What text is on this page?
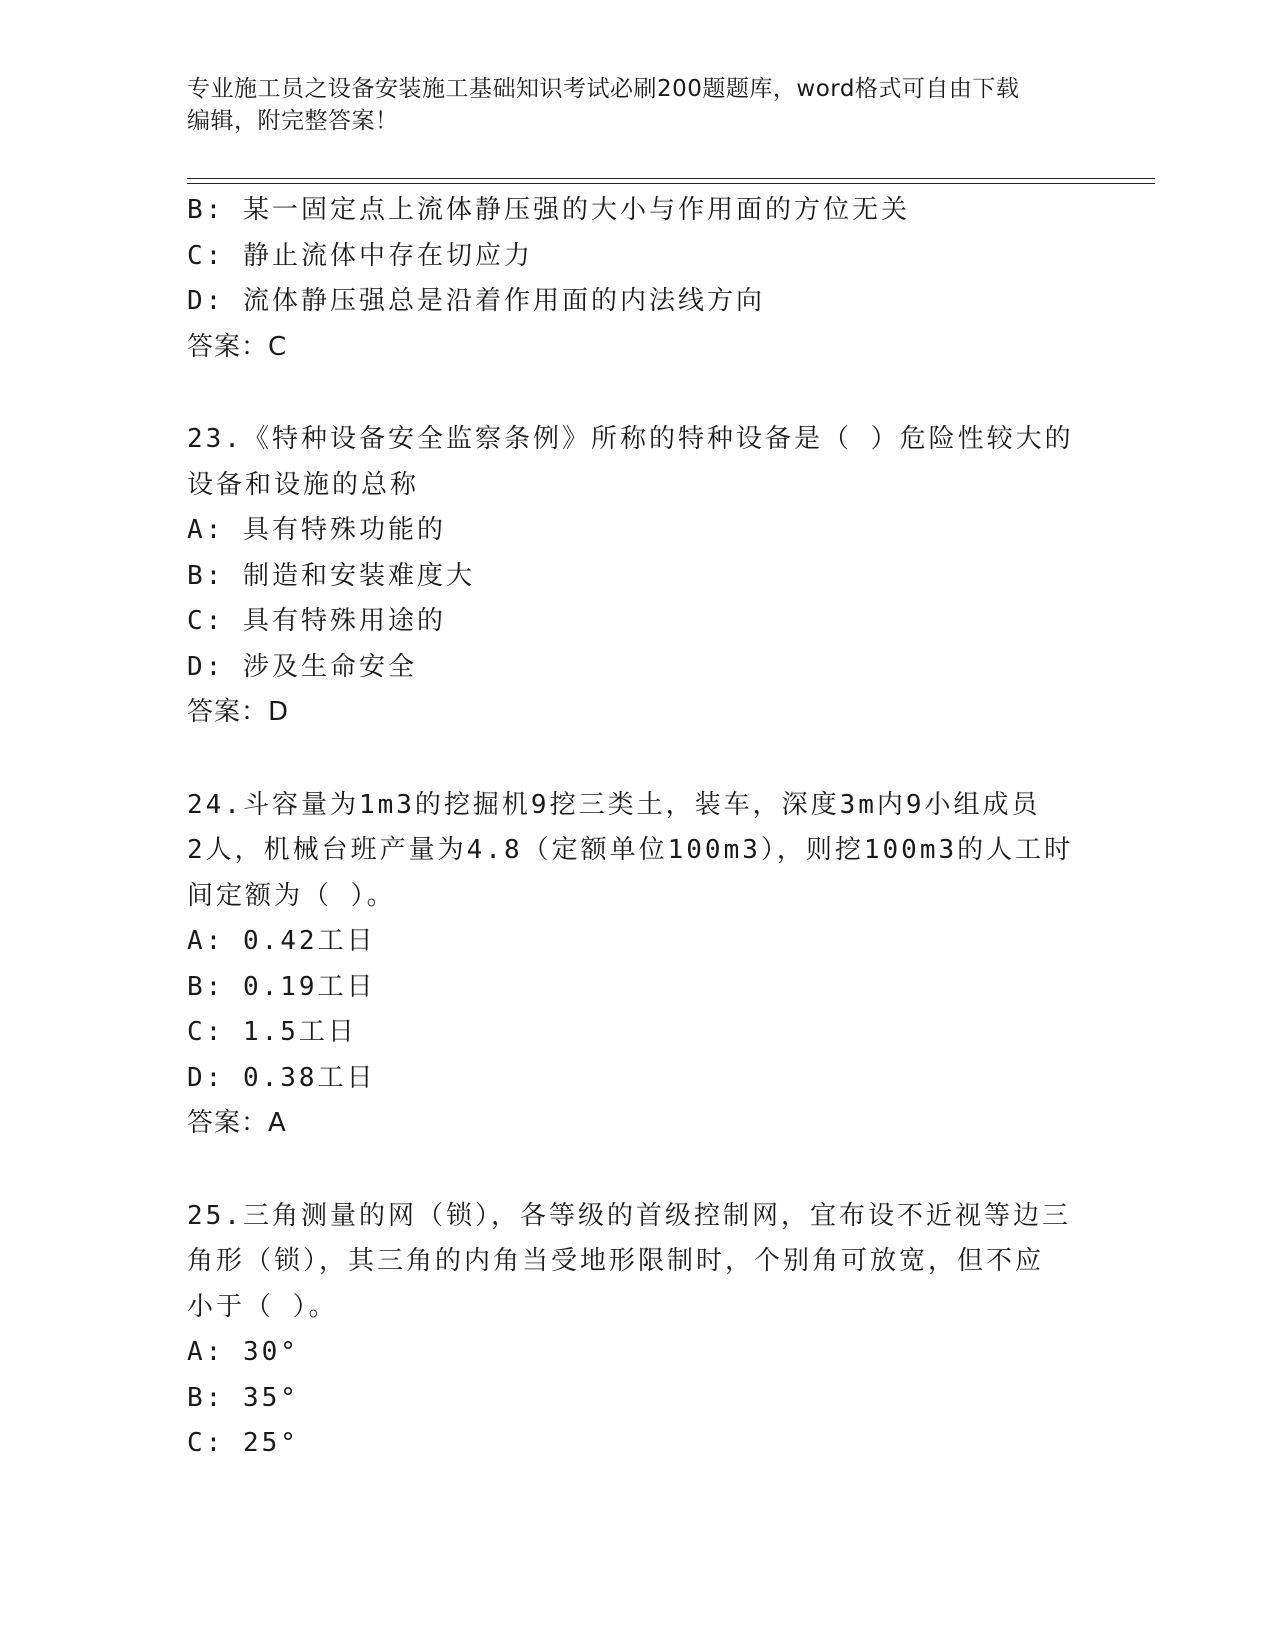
专业施工员之设备安装施工基础知识考试必刷200题题库，word格式可自由下载
编辑，附完整答案！
B: 某一固定点上流体静压强的大小与作用面的方位无关
C: 静止流体中存在切应力
D: 流体静压强总是沿着作用面的内法线方向
答案：C
23.《特种设备安全监察条例》所称的特种设备是（ ）危险性较大的
设备和设施的总称
A: 具有特殊功能的
B: 制造和安装难度大
C: 具有特殊用途的
D: 涉及生命安全
答案：D
24.斗容量为1m3的挖掘机9挖三类土，装车，深度3m内9小组成员
2人，机械台班产量为4.8（定额单位100m3），则挖100m3的人工时
间定额为（ ）。
A: 0.42工日
B: 0.19工日
C: 1.5工日
D: 0.38工日
答案：A
25.三角测量的网（锁），各等级的首级控制网，宜布设不近视等边三
角形（锁），其三角的内角当受地形限制时，个别角可放宽，但不应
小于（ ）。
A: 30°
B: 35°
C: 25°
